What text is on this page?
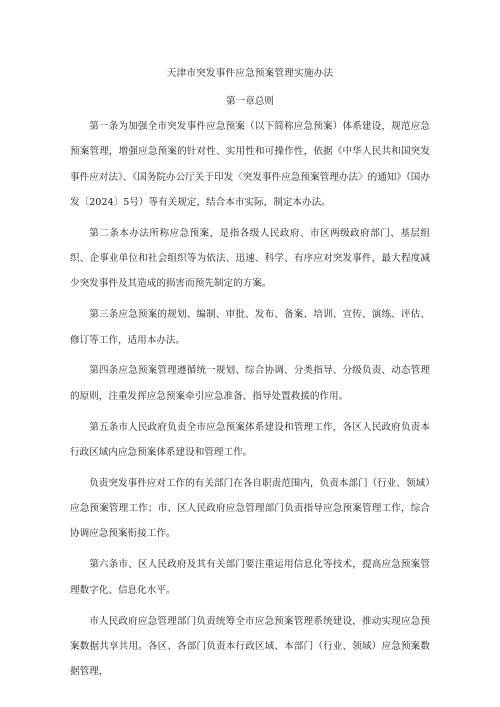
天津市突发事件应急预案管理实施办法
第一章总则

第一条为加强全市突发事件应急预案（以下简称应急预案）体系建设，规范应急预案管理，增强应急预案的针对性、实用性和可操作性，依据《中华人民共和国突发事件应对法》、《国务院办公厅关于印发〈突发事件应急预案管理办法〉的通知》（国办发〔2024〕5号）等有关规定，结合本市实际，制定本办法。

第二条本办法所称应急预案，是指各级人民政府、市区两级政府部门、基层组织、企事业单位和社会组织等为依法、迅速、科学、有序应对突发事件，最大程度减少突发事件及其造成的损害而预先制定的方案。

第三条应急预案的规划、编制、审批、发布、备案、培训、宣传、演练、评估、修订等工作，适用本办法。

第四条应急预案管理遵循统一规划、综合协调、分类指导、分级负责、动态管理的原则，注重发挥应急预案牵引应急准备、指导处置救援的作用。

第五条市人民政府负责全市应急预案体系建设和管理工作，各区人民政府负责本行政区域内应急预案体系建设和管理工作。

负责突发事件应对工作的有关部门在各自职责范围内，负责本部门（行业、领域）应急预案管理工作；市、区人民政府应急管理部门负责指导应急预案管理工作，综合协调应急预案衔接工作。

第六条市、区人民政府及其有关部门要注重运用信息化等技术，提高应急预案管理数字化、信息化水平。

市人民政府应急管理部门负责统筹全市应急预案管理系统建设，推动实现应急预案数据共享共用。各区、各部门负责本行政区域、本部门（行业、领域）应急预案数据管理，
